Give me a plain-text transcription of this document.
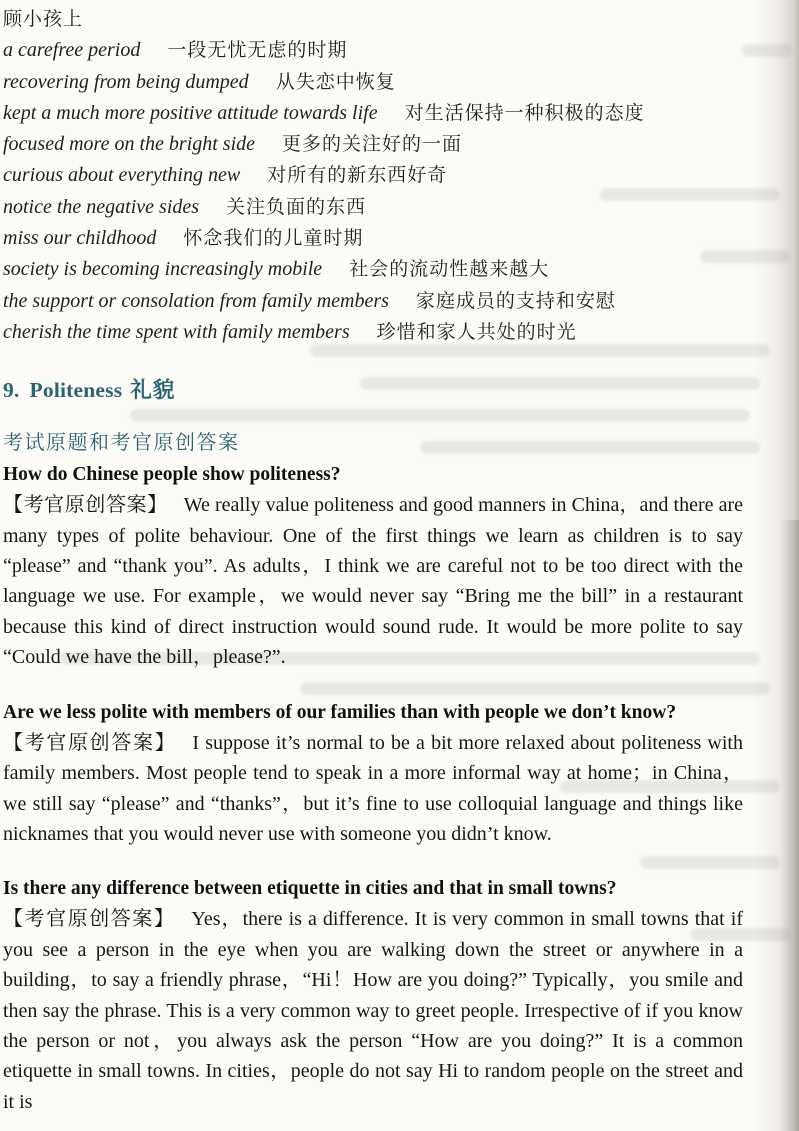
顾小孩上
a carefree period 一段无忧无虑的时期
recovering from being dumped 从失恋中恢复
kept a much more positive attitude towards life 对生活保持一种积极的态度
focused more on the bright side 更多的关注好的一面
curious about everything new 对所有的新东西好奇
notice the negative sides 关注负面的东西
miss our childhood 怀念我们的儿童时期
society is becoming increasingly mobile 社会的流动性越来越大
the support or consolation from family members 家庭成员的支持和安慰
cherish the time spent with family members 珍惜和家人共处的时光
9. Politeness 礼貌
考试原题和考官原创答案
How do Chinese people show politeness?

【考官原创答案】 We really value politeness and good manners in China，and there are many types of polite behaviour. One of the first things we learn as children is to say “please” and “thank you”. As adults，I think we are careful not to be too direct with the language we use. For example，we would never say “Bring me the bill” in a restaurant because this kind of direct instruction would sound rude. It would be more polite to say “Could we have the bill，please?”.

Are we less polite with members of our families than with people we don’t know?

【考官原创答案】 I suppose it’s normal to be a bit more relaxed about politeness with family members. Most people tend to speak in a more informal way at home；in China，we still say “please” and “thanks”，but it’s fine to use colloquial language and things like nicknames that you would never use with someone you didn’t know.

Is there any difference between etiquette in cities and that in small towns?

【考官原创答案】 Yes，there is a difference. It is very common in small towns that if you see a person in the eye when you are walking down the street or anywhere in a building，to say a friendly phrase，“Hi！How are you doing?” Typically，you smile and then say the phrase. This is a very common way to greet people. Irrespective of if you know the person or not，you always ask the person “How are you doing?” It is a common etiquette in small towns. In cities，people do not say Hi to random people on the street and it is
